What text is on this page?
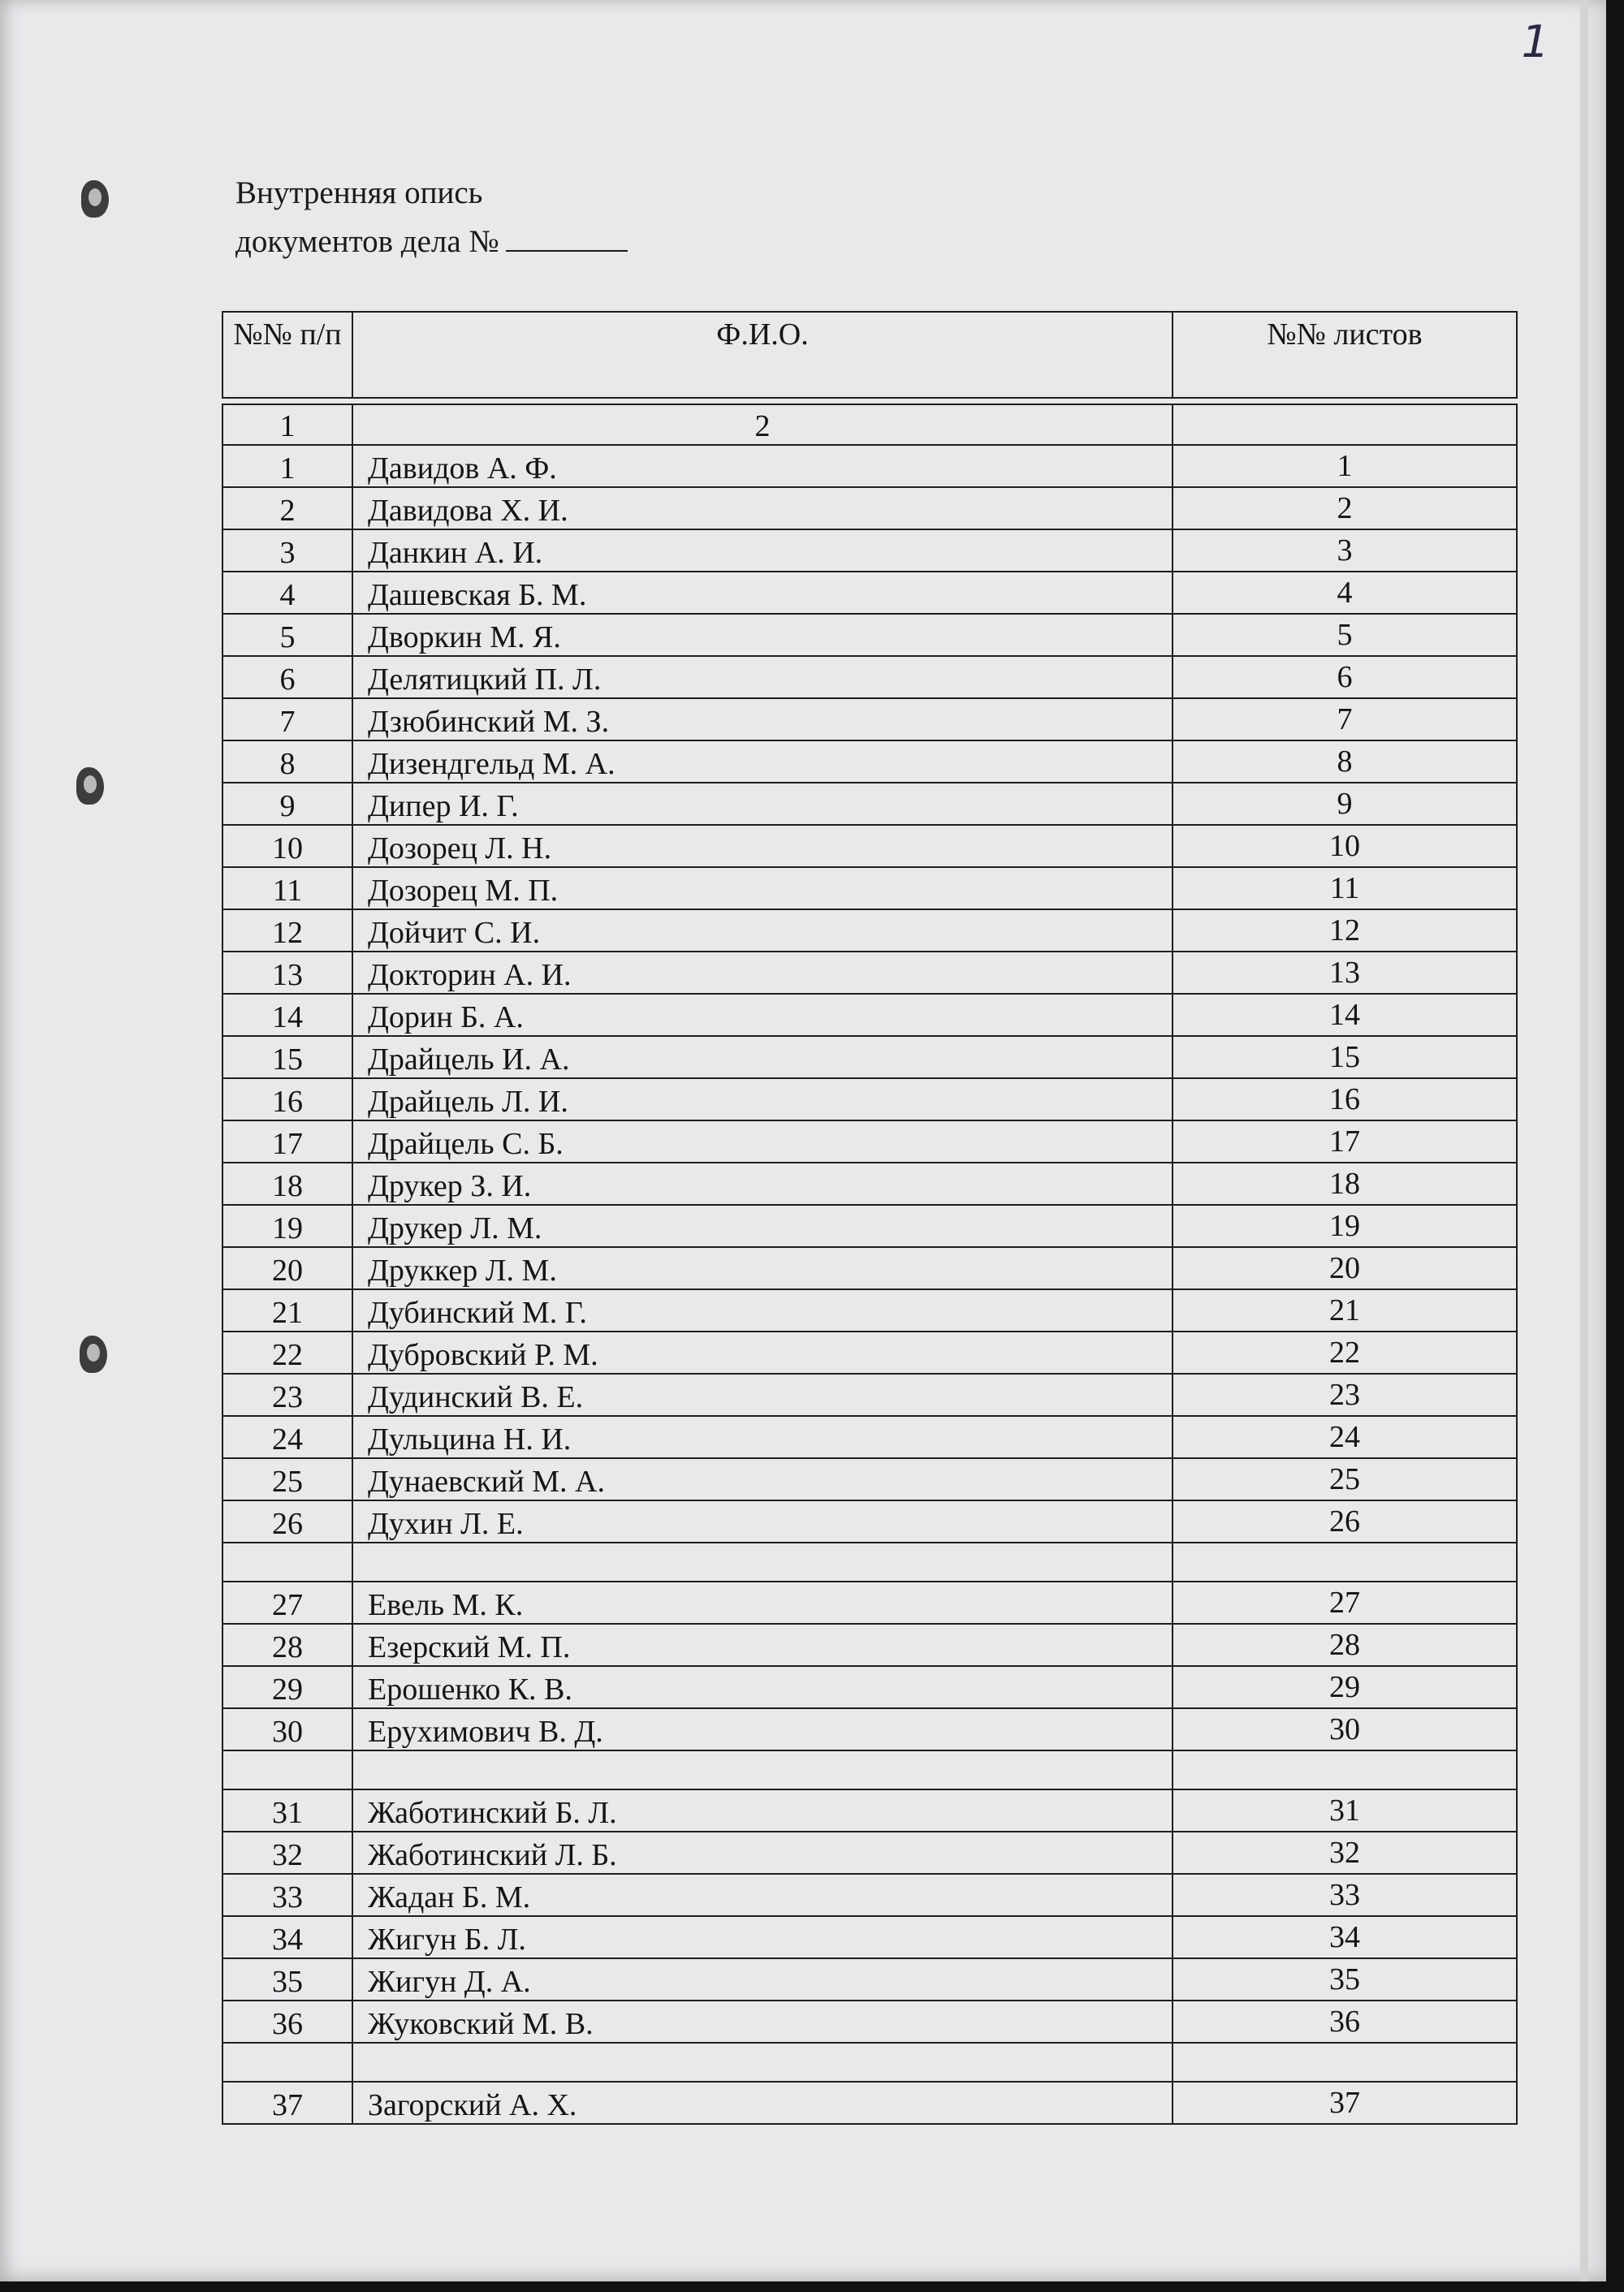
1
Внутренняя опись
документов дела №
№№ п/п	Ф.И.О.	№№ листов

1	2	
1	Давидов А. Ф.	1
2	Давидова Х. И.	2
3	Данкин А. И.	3
4	Дашевская Б. М.	4
5	Дворкин М. Я.	5
6	Делятицкий П. Л.	6
7	Дзюбинский М. З.	7
8	Дизендгельд М. А.	8
9	Дипер И. Г.	9
10	Дозорец Л. Н.	10
11	Дозорец М. П.	11
12	Дойчит С. И.	12
13	Докторин А. И.	13
14	Дорин Б. А.	14
15	Драйцель И. А.	15
16	Драйцель Л. И.	16
17	Драйцель С. Б.	17
18	Друкер З. И.	18
19	Друкер Л. М.	19
20	Друккер Л. М.	20
21	Дубинский М. Г.	21
22	Дубровский Р. М.	22
23	Дудинский В. Е.	23
24	Дульцина Н. И.	24
25	Дунаевский М. А.	25
26	Духин Л. Е.	26

27	Евель М. К.	27
28	Езерский М. П.	28
29	Ерошенко К. В.	29
30	Ерухимович В. Д.	30

31	Жаботинский Б. Л.	31
32	Жаботинский Л. Б.	32
33	Жадан Б. М.	33
34	Жигун Б. Л.	34
35	Жигун Д. А.	35
36	Жуковский М. В.	36

37	Загорский А. Х.	37
